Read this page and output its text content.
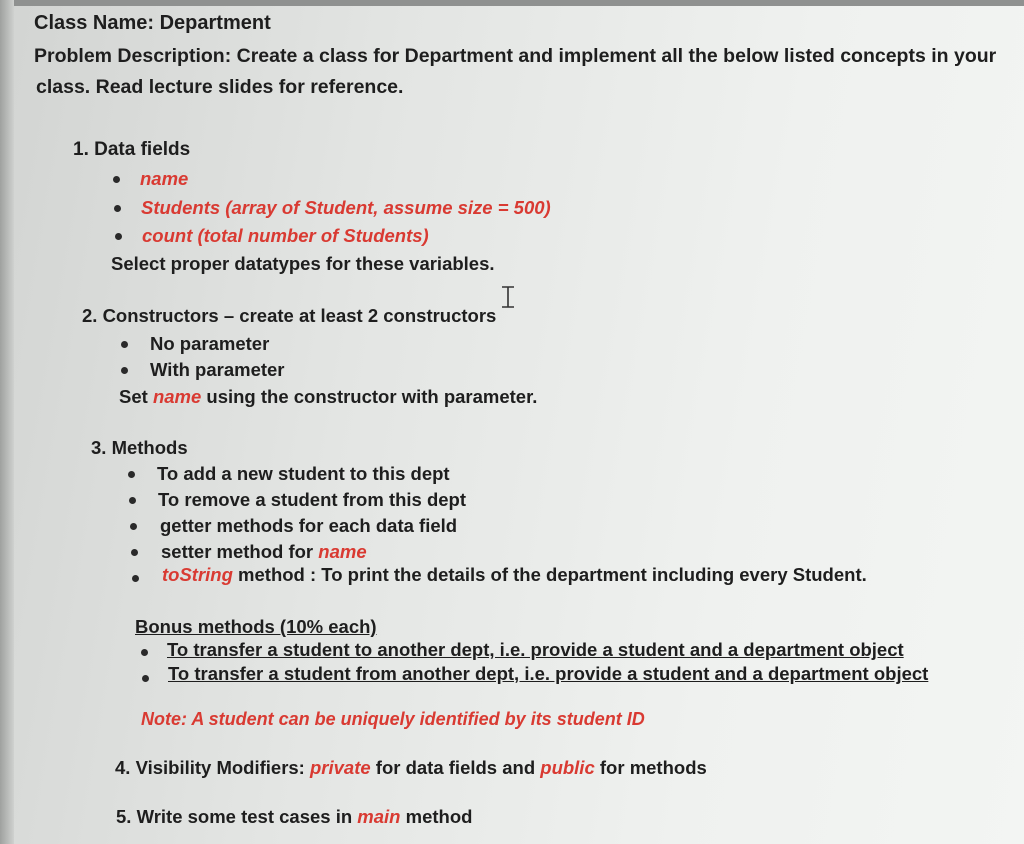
Class Name: Department
Problem Description: Create a class for Department and implement all the below listed concepts in your
class. Read lecture slides for reference.
1. Data fields
name
Students (array of Student, assume size = 500)
count (total number of Students)
Select proper datatypes for these variables.
2. Constructors – create at least 2 constructors
No parameter
With parameter
Set name using the constructor with parameter.
3. Methods
To add a new student to this dept
To remove a student from this dept
getter methods for each data field
setter method for name
toString method : To print the details of the department including every Student.
Bonus methods (10% each)
To transfer a student to another dept, i.e. provide a student and a department object
To transfer a student from another dept, i.e. provide a student and a department object
Note: A student can be uniquely identified by its student ID
4. Visibility Modifiers: private for data fields and public for methods
5. Write some test cases in main method
